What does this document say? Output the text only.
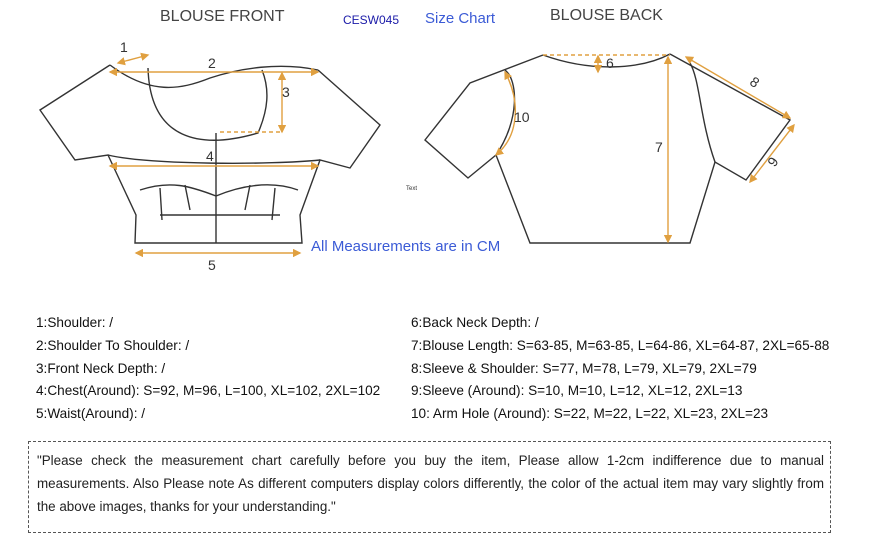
BLOUSE FRONT	CESW045 Size Chart	BLOUSE BACK
1
2
3
4
5
6
7
8
9
10
Text
All Measurements are in CM
1:Shoulder: /
2:Shoulder To Shoulder: /
3:Front Neck Depth: /
4:Chest(Around): S=92, M=96, L=100, XL=102, 2XL=102
5:Waist(Around): /
6:Back Neck Depth: /
7:Blouse Length: S=63-85, M=63-85, L=64-86, XL=64-87, 2XL=65-88
8:Sleeve & Shoulder: S=77, M=78, L=79, XL=79, 2XL=79
9:Sleeve (Around): S=10, M=10, L=12, XL=12, 2XL=13
10: Arm Hole (Around): S=22, M=22, L=22, XL=23, 2XL=23
"Please check the measurement chart carefully before you buy the item, Please allow 1-2cm indifference due to manual measurements. Also Please note As different computers display colors differently, the color of the actual item may vary slightly from the above images, thanks for your understanding."
